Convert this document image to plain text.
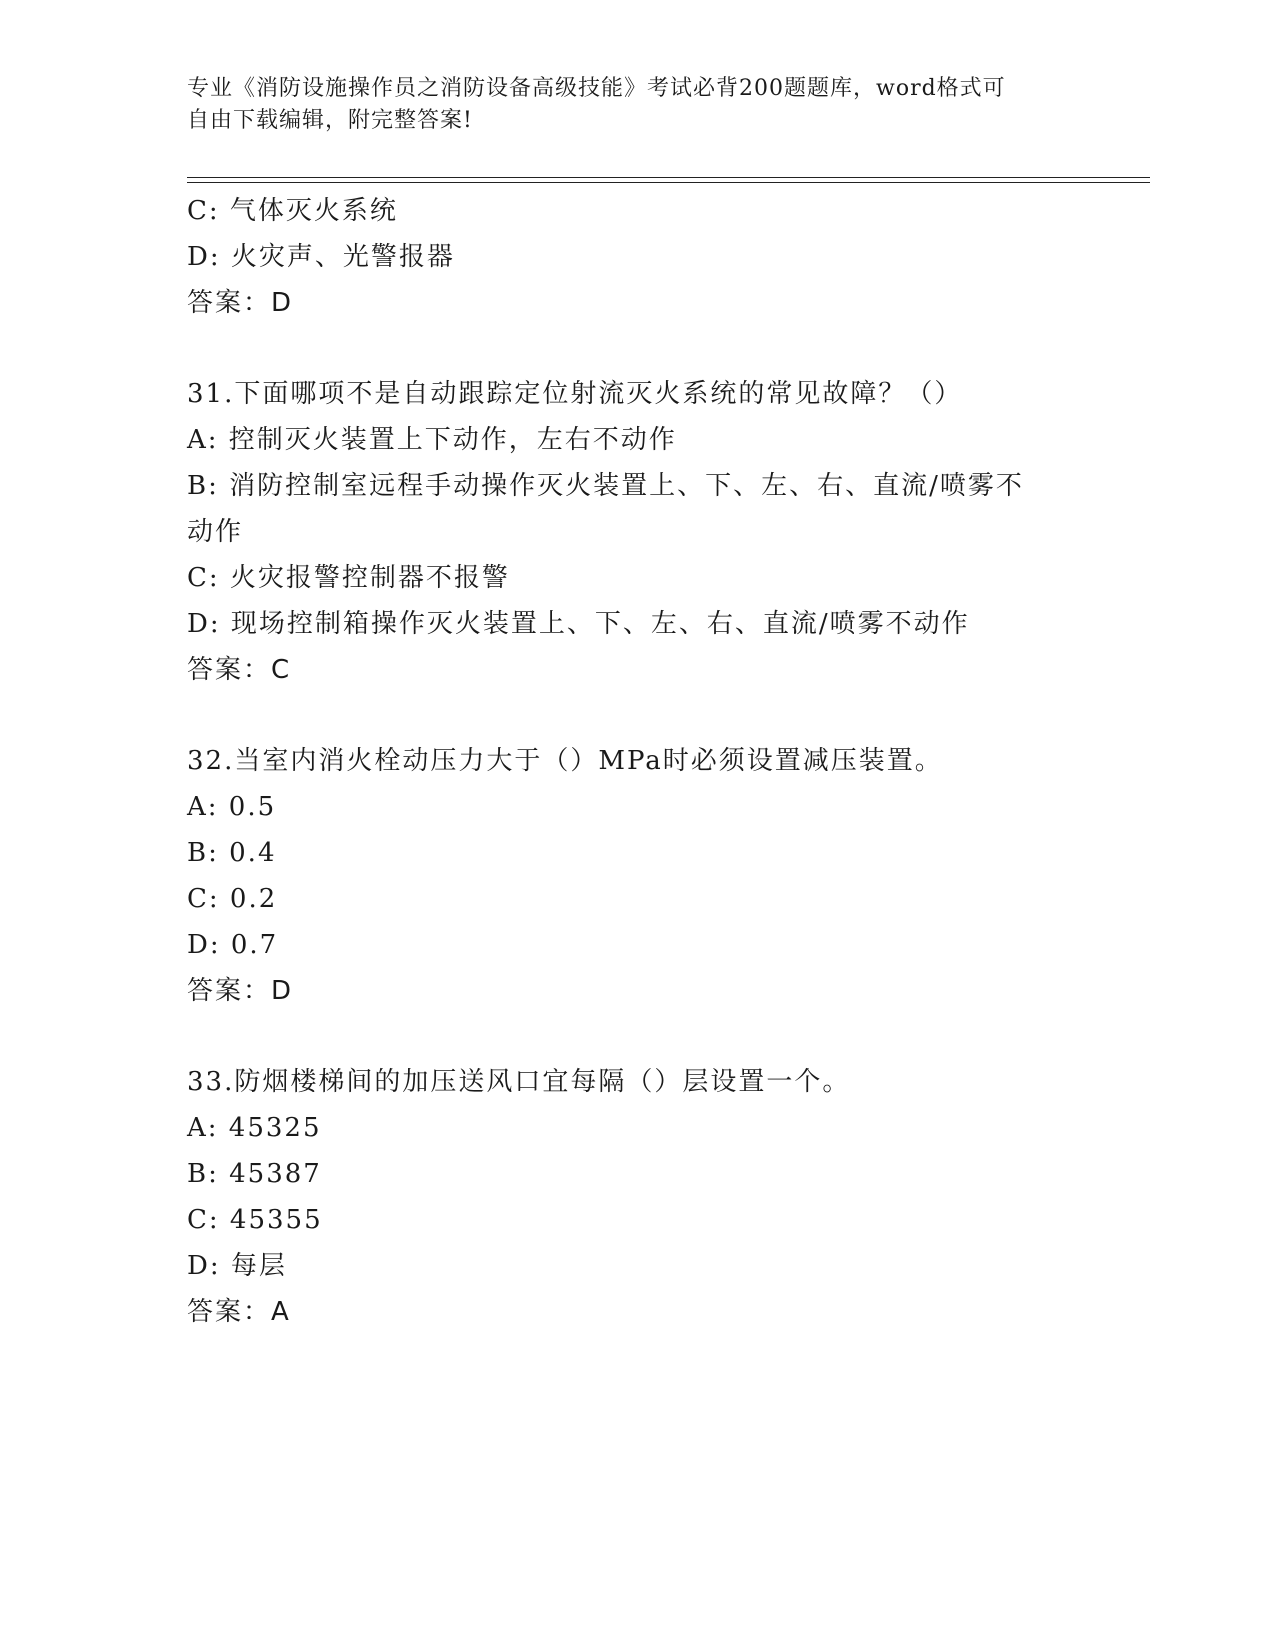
专业《消防设施操作员之消防设备高级技能》考试必背200题题库，word格式可
自由下载编辑，附完整答案!
C: 气体灭火系统
D: 火灾声、光警报器
答案：D
31.下面哪项不是自动跟踪定位射流灭火系统的常见故障？（）
A: 控制灭火装置上下动作，左右不动作
B: 消防控制室远程手动操作灭火装置上、下、左、右、直流/喷雾不
动作
C: 火灾报警控制器不报警
D: 现场控制箱操作灭火装置上、下、左、右、直流/喷雾不动作
答案：C
32.当室内消火栓动压力大于（）MPa时必须设置减压装置。
A: 0.5
B: 0.4
C: 0.2
D: 0.7
答案：D
33.防烟楼梯间的加压送风口宜每隔（）层设置一个。
A: 45325
B: 45387
C: 45355
D: 每层
答案：A
